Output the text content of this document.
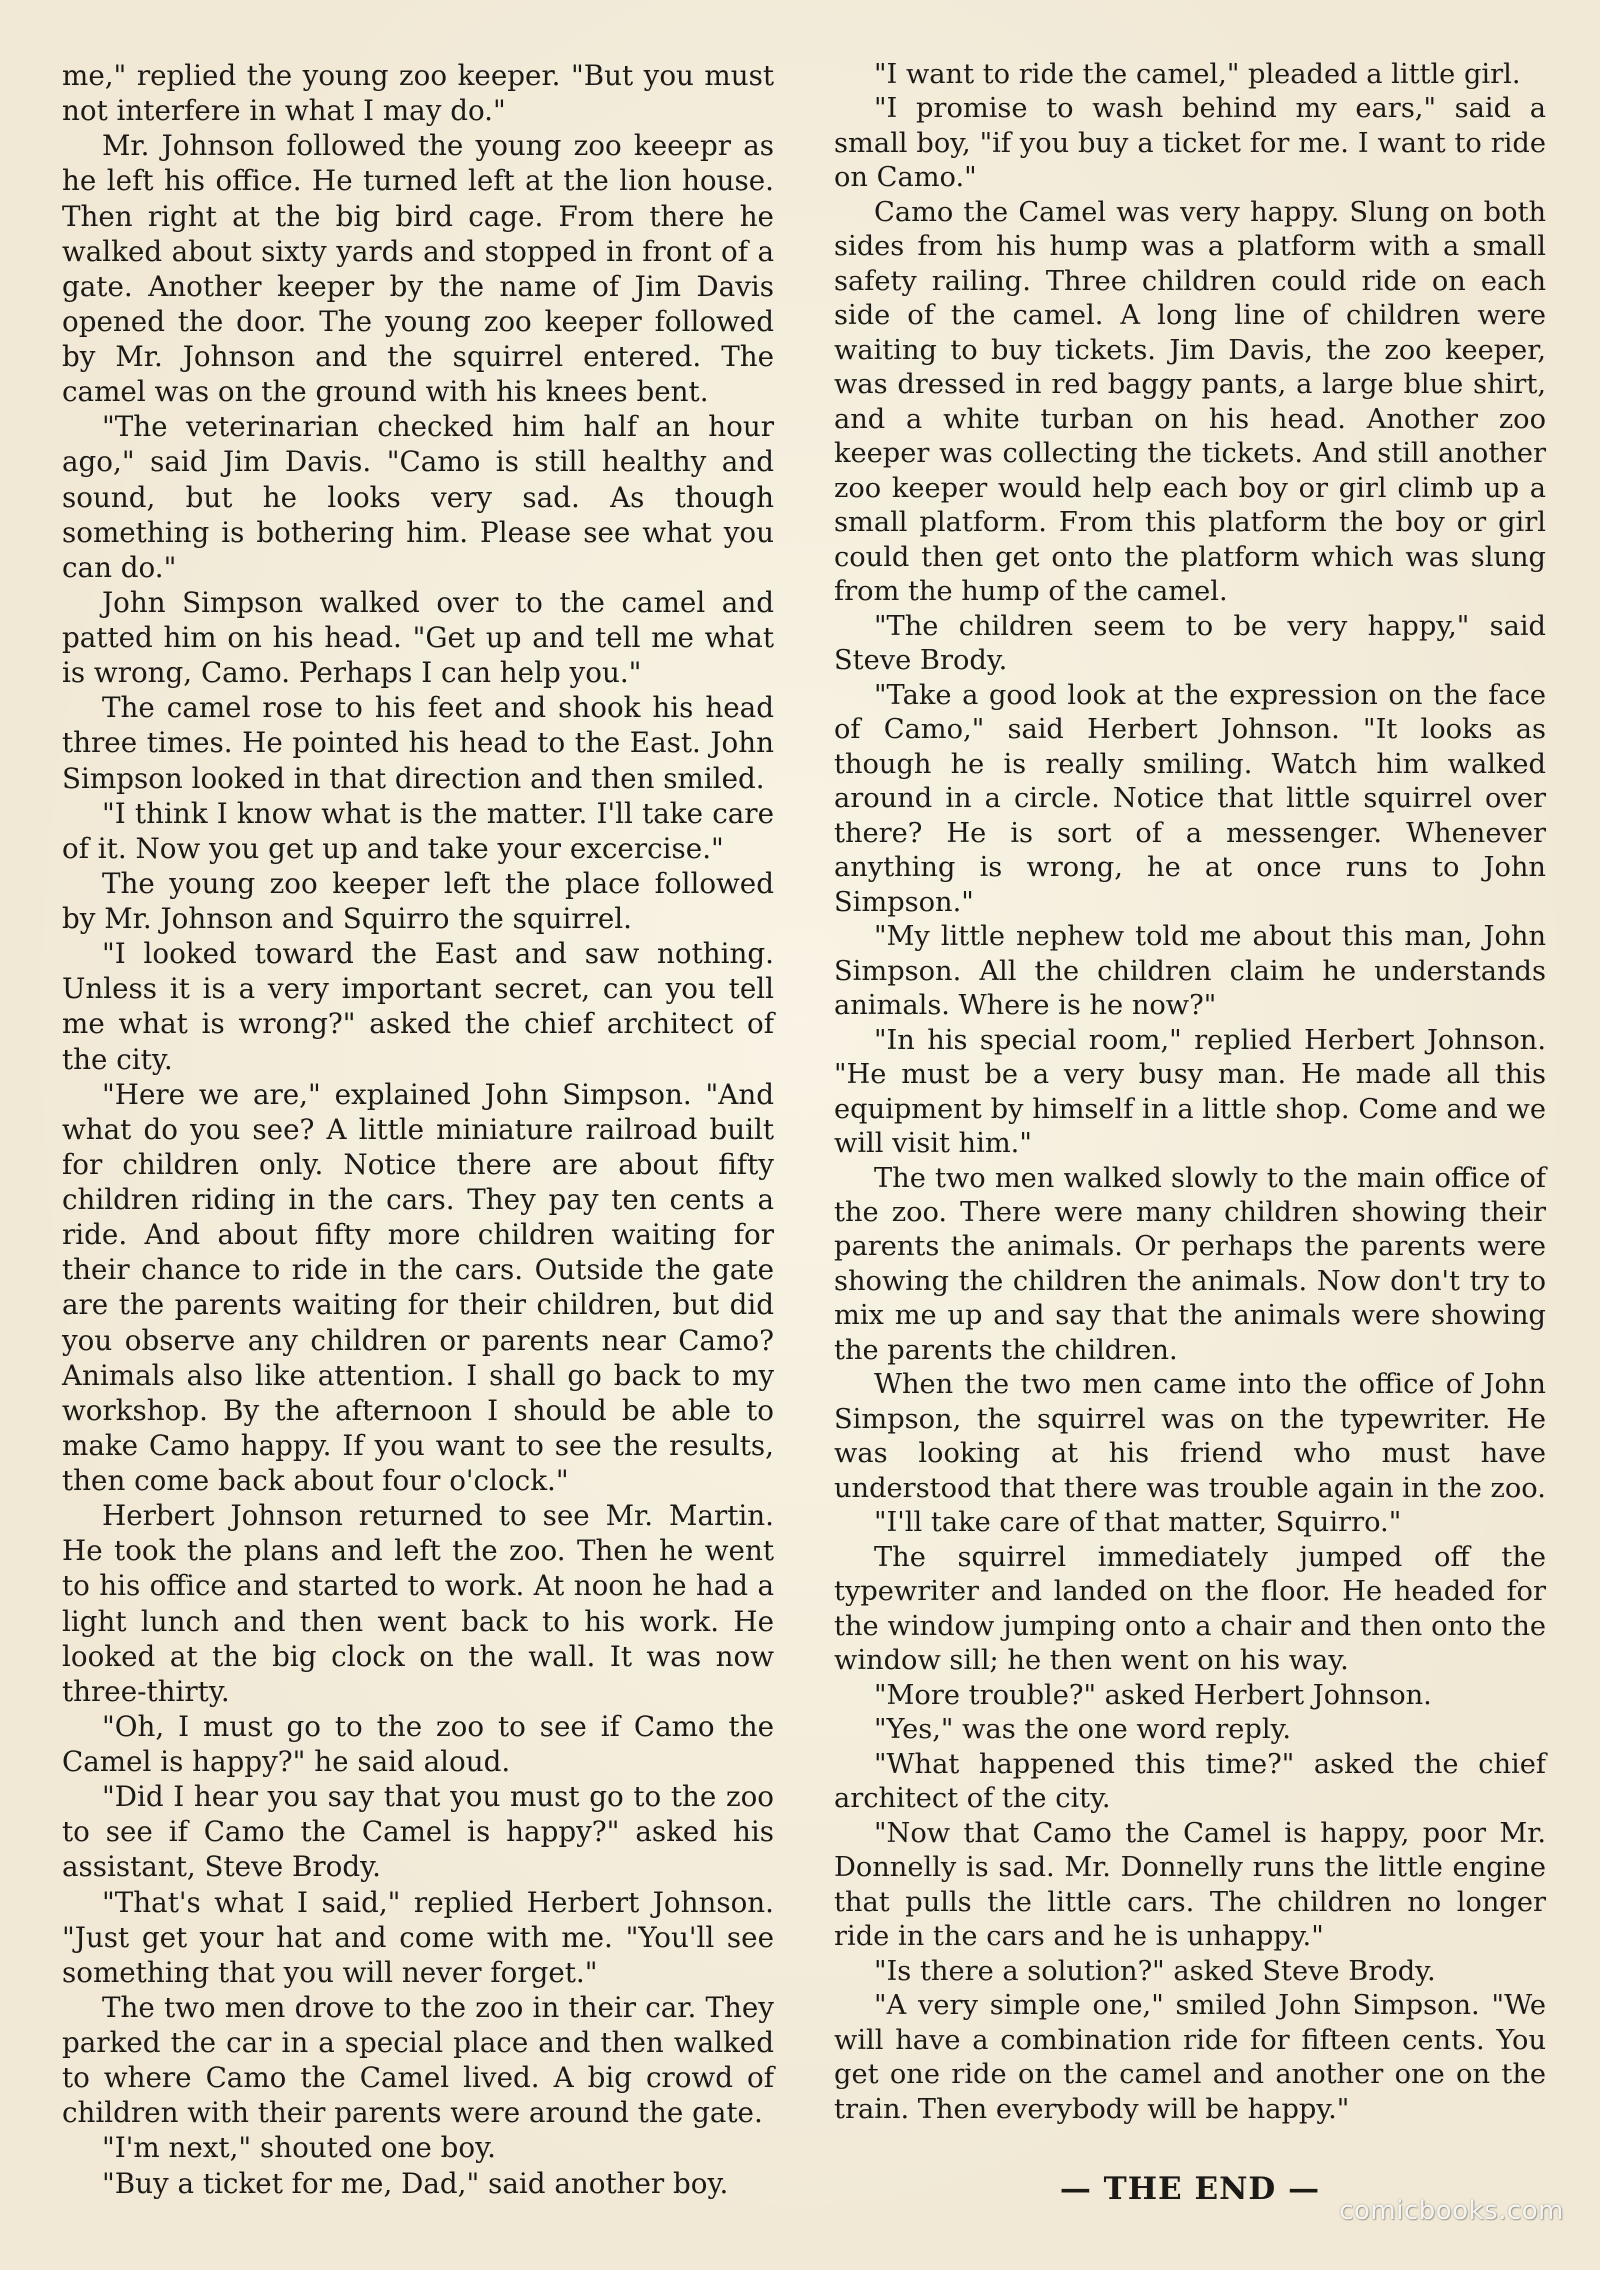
me," replied the young zoo keeper. "But you must not interfere in what I may do."

Mr. Johnson followed the young zoo keeepr as he left his office. He turned left at the lion house. Then right at the big bird cage. From there he walked about sixty yards and stopped in front of a gate. Another keeper by the name of Jim Davis opened the door. The young zoo keeper followed by Mr. Johnson and the squirrel entered. The camel was on the ground with his knees bent.

"The veterinarian checked him half an hour ago," said Jim Davis. "Camo is still healthy and sound, but he looks very sad. As though something is bothering him. Please see what you can do."

John Simpson walked over to the camel and patted him on his head. "Get up and tell me what is wrong, Camo. Perhaps I can help you."

The camel rose to his feet and shook his head three times. He pointed his head to the East. John Simpson looked in that direction and then smiled.

"I think I know what is the matter. I'll take care of it. Now you get up and take your excercise."

The young zoo keeper left the place followed by Mr. Johnson and Squirro the squirrel.

"I looked toward the East and saw nothing. Unless it is a very important secret, can you tell me what is wrong?" asked the chief architect of the city.

"Here we are," explained John Simpson. "And what do you see? A little miniature railroad built for children only. Notice there are about fifty children riding in the cars. They pay ten cents a ride. And about fifty more children waiting for their chance to ride in the cars. Outside the gate are the parents waiting for their children, but did you observe any children or parents near Camo? Animals also like attention. I shall go back to my workshop. By the afternoon I should be able to make Camo happy. If you want to see the results, then come back about four o'clock."

Herbert Johnson returned to see Mr. Martin. He took the plans and left the zoo. Then he went to his office and started to work. At noon he had a light lunch and then went back to his work. He looked at the big clock on the wall. It was now three-thirty.

"Oh, I must go to the zoo to see if Camo the Camel is happy?" he said aloud.

"Did I hear you say that you must go to the zoo to see if Camo the Camel is happy?" asked his assistant, Steve Brody.

"That's what I said," replied Herbert Johnson. "Just get your hat and come with me. "You'll see something that you will never forget."

The two men drove to the zoo in their car. They parked the car in a special place and then walked to where Camo the Camel lived. A big crowd of children with their parents were around the gate.

"I'm next," shouted one boy.

"Buy a ticket for me, Dad," said another boy.

"I want to ride the camel," pleaded a little girl.

"I promise to wash behind my ears," said a small boy, "if you buy a ticket for me. I want to ride on Camo."

Camo the Camel was very happy. Slung on both sides from his hump was a platform with a small safety railing. Three children could ride on each side of the camel. A long line of children were waiting to buy tickets. Jim Davis, the zoo keeper, was dressed in red baggy pants, a large blue shirt, and a white turban on his head. Another zoo keeper was collecting the tickets. And still another zoo keeper would help each boy or girl climb up a small platform. From this platform the boy or girl could then get onto the platform which was slung from the hump of the camel.

"The children seem to be very happy," said Steve Brody.

"Take a good look at the expression on the face of Camo," said Herbert Johnson. "It looks as though he is really smiling. Watch him walked around in a circle. Notice that little squirrel over there? He is sort of a messenger. Whenever anything is wrong, he at once runs to John Simpson."

"My little nephew told me about this man, John Simpson. All the children claim he understands animals. Where is he now?"

"In his special room," replied Herbert Johnson. "He must be a very busy man. He made all this equipment by himself in a little shop. Come and we will visit him."

The two men walked slowly to the main office of the zoo. There were many children showing their parents the animals. Or perhaps the parents were showing the children the animals. Now don't try to mix me up and say that the animals were showing the parents the children.

When the two men came into the office of John Simpson, the squirrel was on the typewriter. He was looking at his friend who must have understood that there was trouble again in the zoo.

"I'll take care of that matter, Squirro."

The squirrel immediately jumped off the typewriter and landed on the floor. He headed for the window jumping onto a chair and then onto the window sill; he then went on his way.

"More trouble?" asked Herbert Johnson.

"Yes," was the one word reply.

"What happened this time?" asked the chief architect of the city.

"Now that Camo the Camel is happy, poor Mr. Donnelly is sad. Mr. Donnelly runs the little engine that pulls the little cars. The children no longer ride in the cars and he is unhappy."

"Is there a solution?" asked Steve Brody.

"A very simple one," smiled John Simpson. "We will have a combination ride for fifteen cents. You get one ride on the camel and another one on the train. Then everybody will be happy."

— THE END —
comicbooks.com
